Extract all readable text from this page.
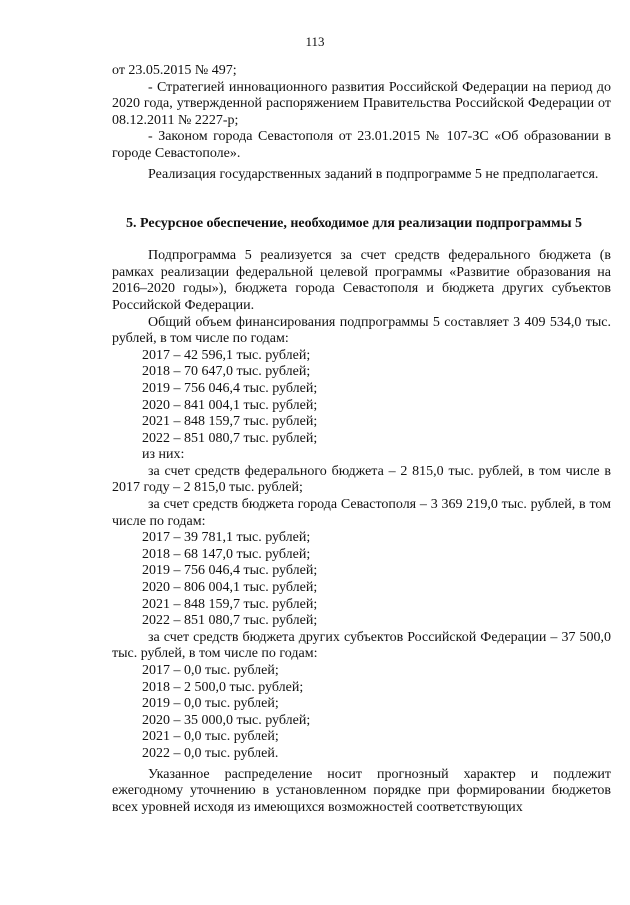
113

от 23.05.2015 № 497;

- Стратегией инновационного развития Российской Федерации на период до 2020 года, утвержденной распоряжением Правительства Российской Федерации от 08.12.2011 № 2227-р;

- Законом города Севастополя от 23.01.2015 № 107-ЗС «Об образовании в городе Севастополе».

Реализация государственных заданий в подпрограмме 5 не предполагается.

5. Ресурсное обеспечение, необходимое для реализации подпрограммы 5

Подпрограмма 5 реализуется за счет средств федерального бюджета (в рамках реализации федеральной целевой программы «Развитие образования на 2016–2020 годы»), бюджета города Севастополя и бюджета других субъектов Российской Федерации.

Общий объем финансирования подпрограммы 5 составляет 3 409 534,0 тыс. рублей, в том числе по годам:

2017 – 42 596,1 тыс. рублей;

2018 – 70 647,0 тыс. рублей;

2019 – 756 046,4 тыс. рублей;

2020 – 841 004,1 тыс. рублей;

2021 – 848 159,7 тыс. рублей;

2022 – 851 080,7 тыс. рублей;

из них:

за счет средств федерального бюджета – 2 815,0 тыс. рублей, в том числе в 2017 году – 2 815,0 тыс. рублей;

за счет средств бюджета города Севастополя – 3 369 219,0 тыс. рублей, в том числе по годам:

2017 – 39 781,1 тыс. рублей;

2018 – 68 147,0 тыс. рублей;

2019 – 756 046,4 тыс. рублей;

2020 – 806 004,1 тыс. рублей;

2021 – 848 159,7 тыс. рублей;

2022 – 851 080,7 тыс. рублей;

за счет средств бюджета других субъектов Российской Федерации – 37 500,0 тыс. рублей, в том числе по годам:

2017 – 0,0 тыс. рублей;

2018 – 2 500,0 тыс. рублей;

2019 – 0,0 тыс. рублей;

2020 – 35 000,0 тыс. рублей;

2021 – 0,0 тыс. рублей;

2022 – 0,0 тыс. рублей.

Указанное распределение носит прогнозный характер и подлежит ежегодному уточнению в установленном порядке при формировании бюджетов всех уровней исходя из имеющихся возможностей соответствующих
